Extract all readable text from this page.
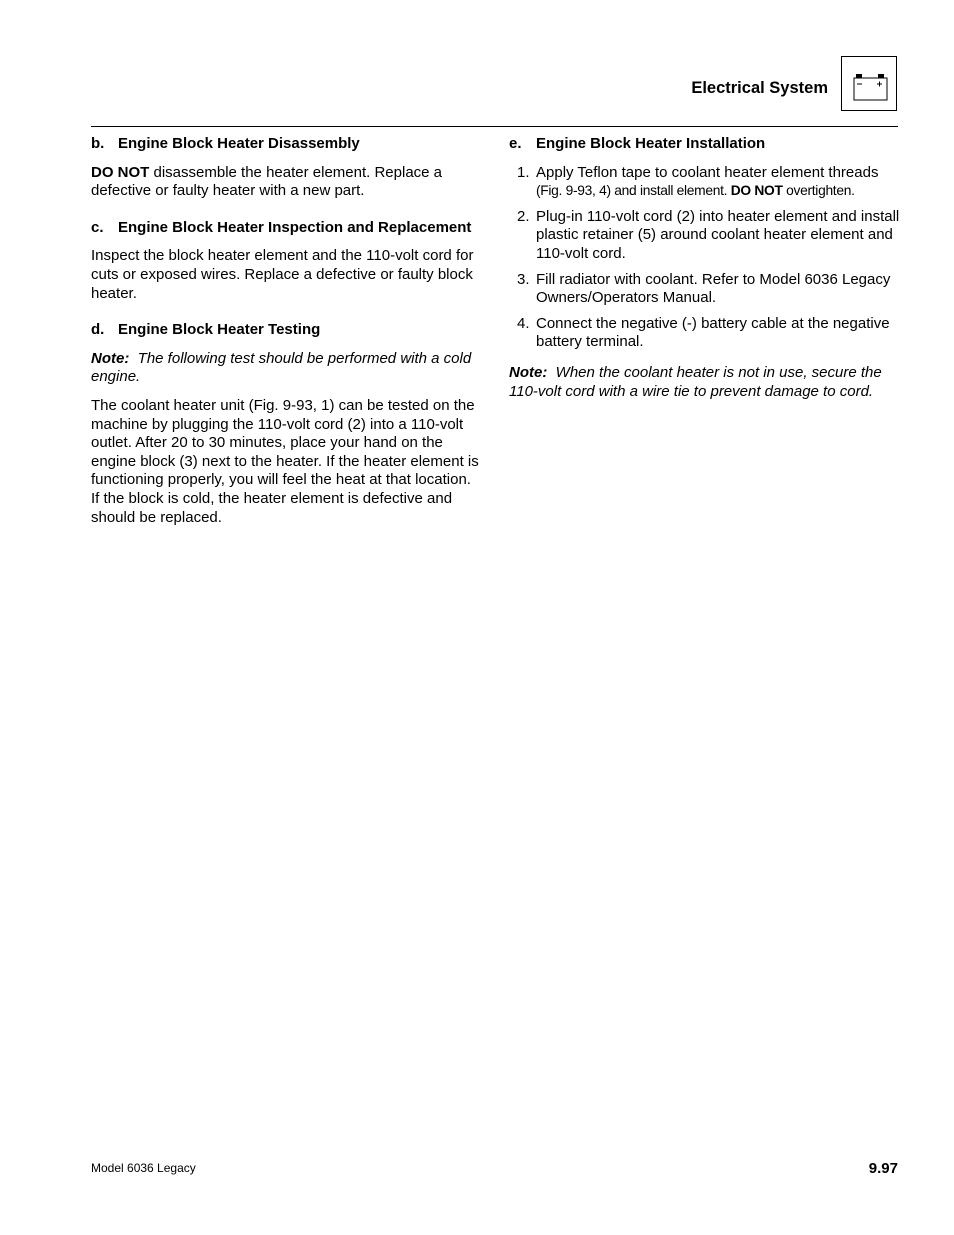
Electrical System
b. Engine Block Heater Disassembly

DO NOT disassemble the heater element. Replace a defective or faulty heater with a new part.

c. Engine Block Heater Inspection and Replacement

Inspect the block heater element and the 110-volt cord for cuts or exposed wires. Replace a defective or faulty block heater.

d. Engine Block Heater Testing

Note: The following test should be performed with a cold engine.

The coolant heater unit (Fig. 9-93, 1) can be tested on the machine by plugging the 110-volt cord (2) into a 110-volt outlet. After 20 to 30 minutes, place your hand on the engine block (3) next to the heater. If the heater element is functioning properly, you will feel the heat at that location. If the block is cold, the heater element is defective and should be replaced.

e. Engine Block Heater Installation
1. Apply Teflon tape to coolant heater element threads
(Fig. 9-93, 4) and install element. DO NOT overtighten.
2. Plug-in 110-volt cord (2) into heater element and install plastic retainer (5) around coolant heater element and 110-volt cord.
3. Fill radiator with coolant. Refer to Model 6036 Legacy Owners/Operators Manual.
4. Connect the negative (-) battery cable at the negative battery terminal.

Note: When the coolant heater is not in use, secure the 110-volt cord with a wire tie to prevent damage to cord.

Model 6036 Legacy	9.97
